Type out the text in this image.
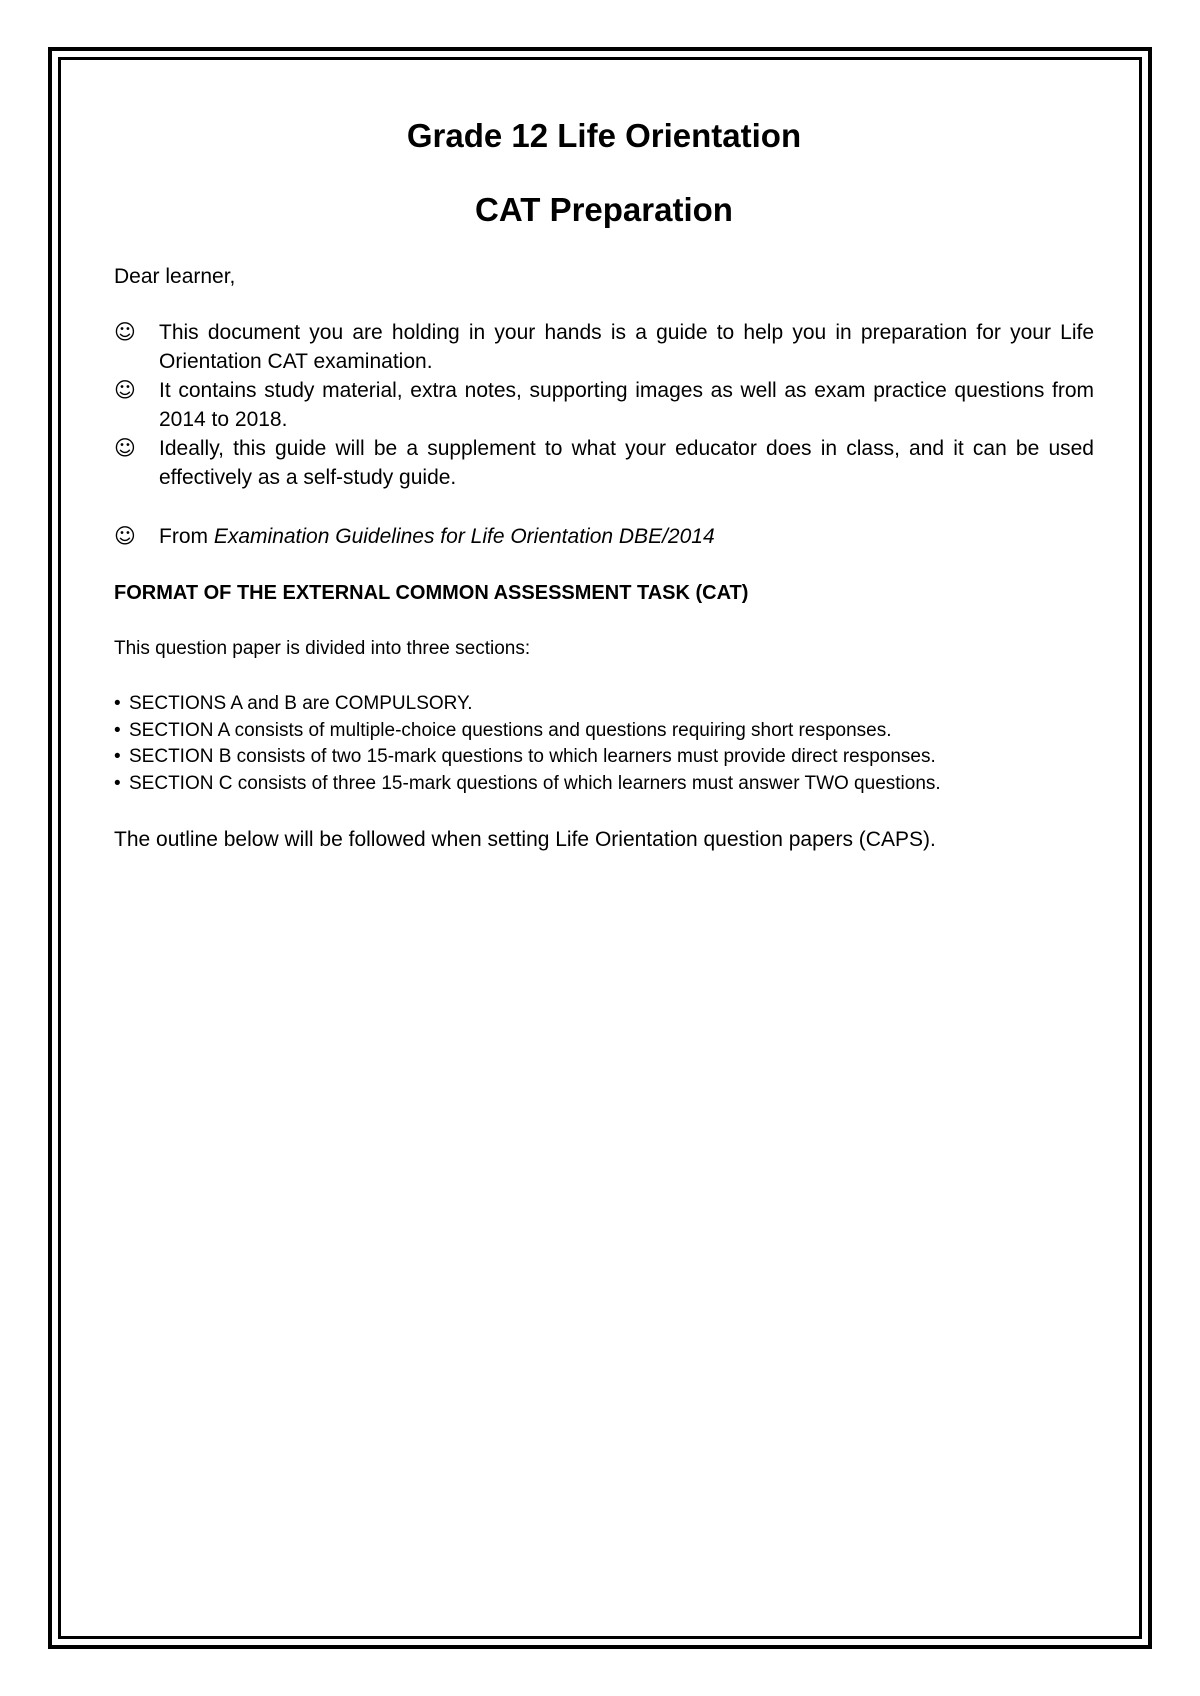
Grade 12 Life Orientation
CAT Preparation

Dear learner,

☺ This document you are holding in your hands is a guide to help you in preparation for your Life Orientation CAT examination.
☺ It contains study material, extra notes, supporting images as well as exam practice questions from 2014 to 2018.
☺ Ideally, this guide will be a supplement to what your educator does in class, and it can be used effectively as a self-study guide.
☺ From Examination Guidelines for Life Orientation DBE/2014

FORMAT OF THE EXTERNAL COMMON ASSESSMENT TASK (CAT)

This question paper is divided into three sections:

• SECTIONS A and B are COMPULSORY.
• SECTION A consists of multiple-choice questions and questions requiring short responses.
• SECTION B consists of two 15-mark questions to which learners must provide direct responses.
• SECTION C consists of three 15-mark questions of which learners must answer TWO questions.

The outline below will be followed when setting Life Orientation question papers (CAPS).
